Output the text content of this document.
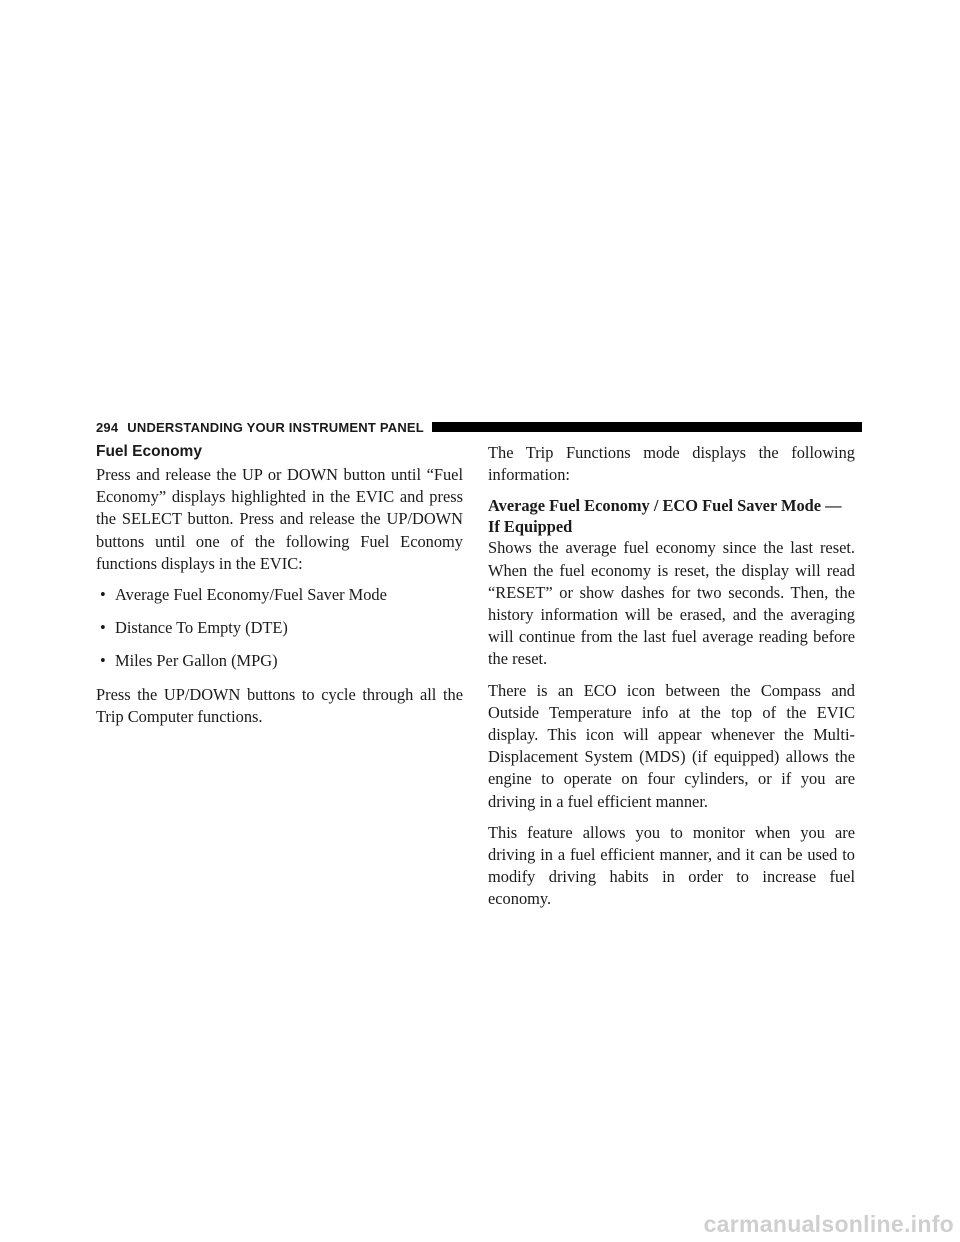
294 UNDERSTANDING YOUR INSTRUMENT PANEL
Fuel Economy

Press and release the UP or DOWN button until “Fuel Economy” displays highlighted in the EVIC and press the SELECT button. Press and release the UP/DOWN buttons until one of the following Fuel Economy functions displays in the EVIC:

• Average Fuel Economy/Fuel Saver Mode
• Distance To Empty (DTE)
• Miles Per Gallon (MPG)

Press the UP/DOWN buttons to cycle through all the Trip Computer functions.

The Trip Functions mode displays the following information:

Average Fuel Economy / ECO Fuel Saver Mode — If Equipped

Shows the average fuel economy since the last reset. When the fuel economy is reset, the display will read “RESET” or show dashes for two seconds. Then, the history information will be erased, and the averaging will continue from the last fuel average reading before the reset.

There is an ECO icon between the Compass and Outside Temperature info at the top of the EVIC display. This icon will appear whenever the Multi-Displacement System (MDS) (if equipped) allows the engine to operate on four cylinders, or if you are driving in a fuel efficient manner.

This feature allows you to monitor when you are driving in a fuel efficient manner, and it can be used to modify driving habits in order to increase fuel economy.

carmanualsonline.info
